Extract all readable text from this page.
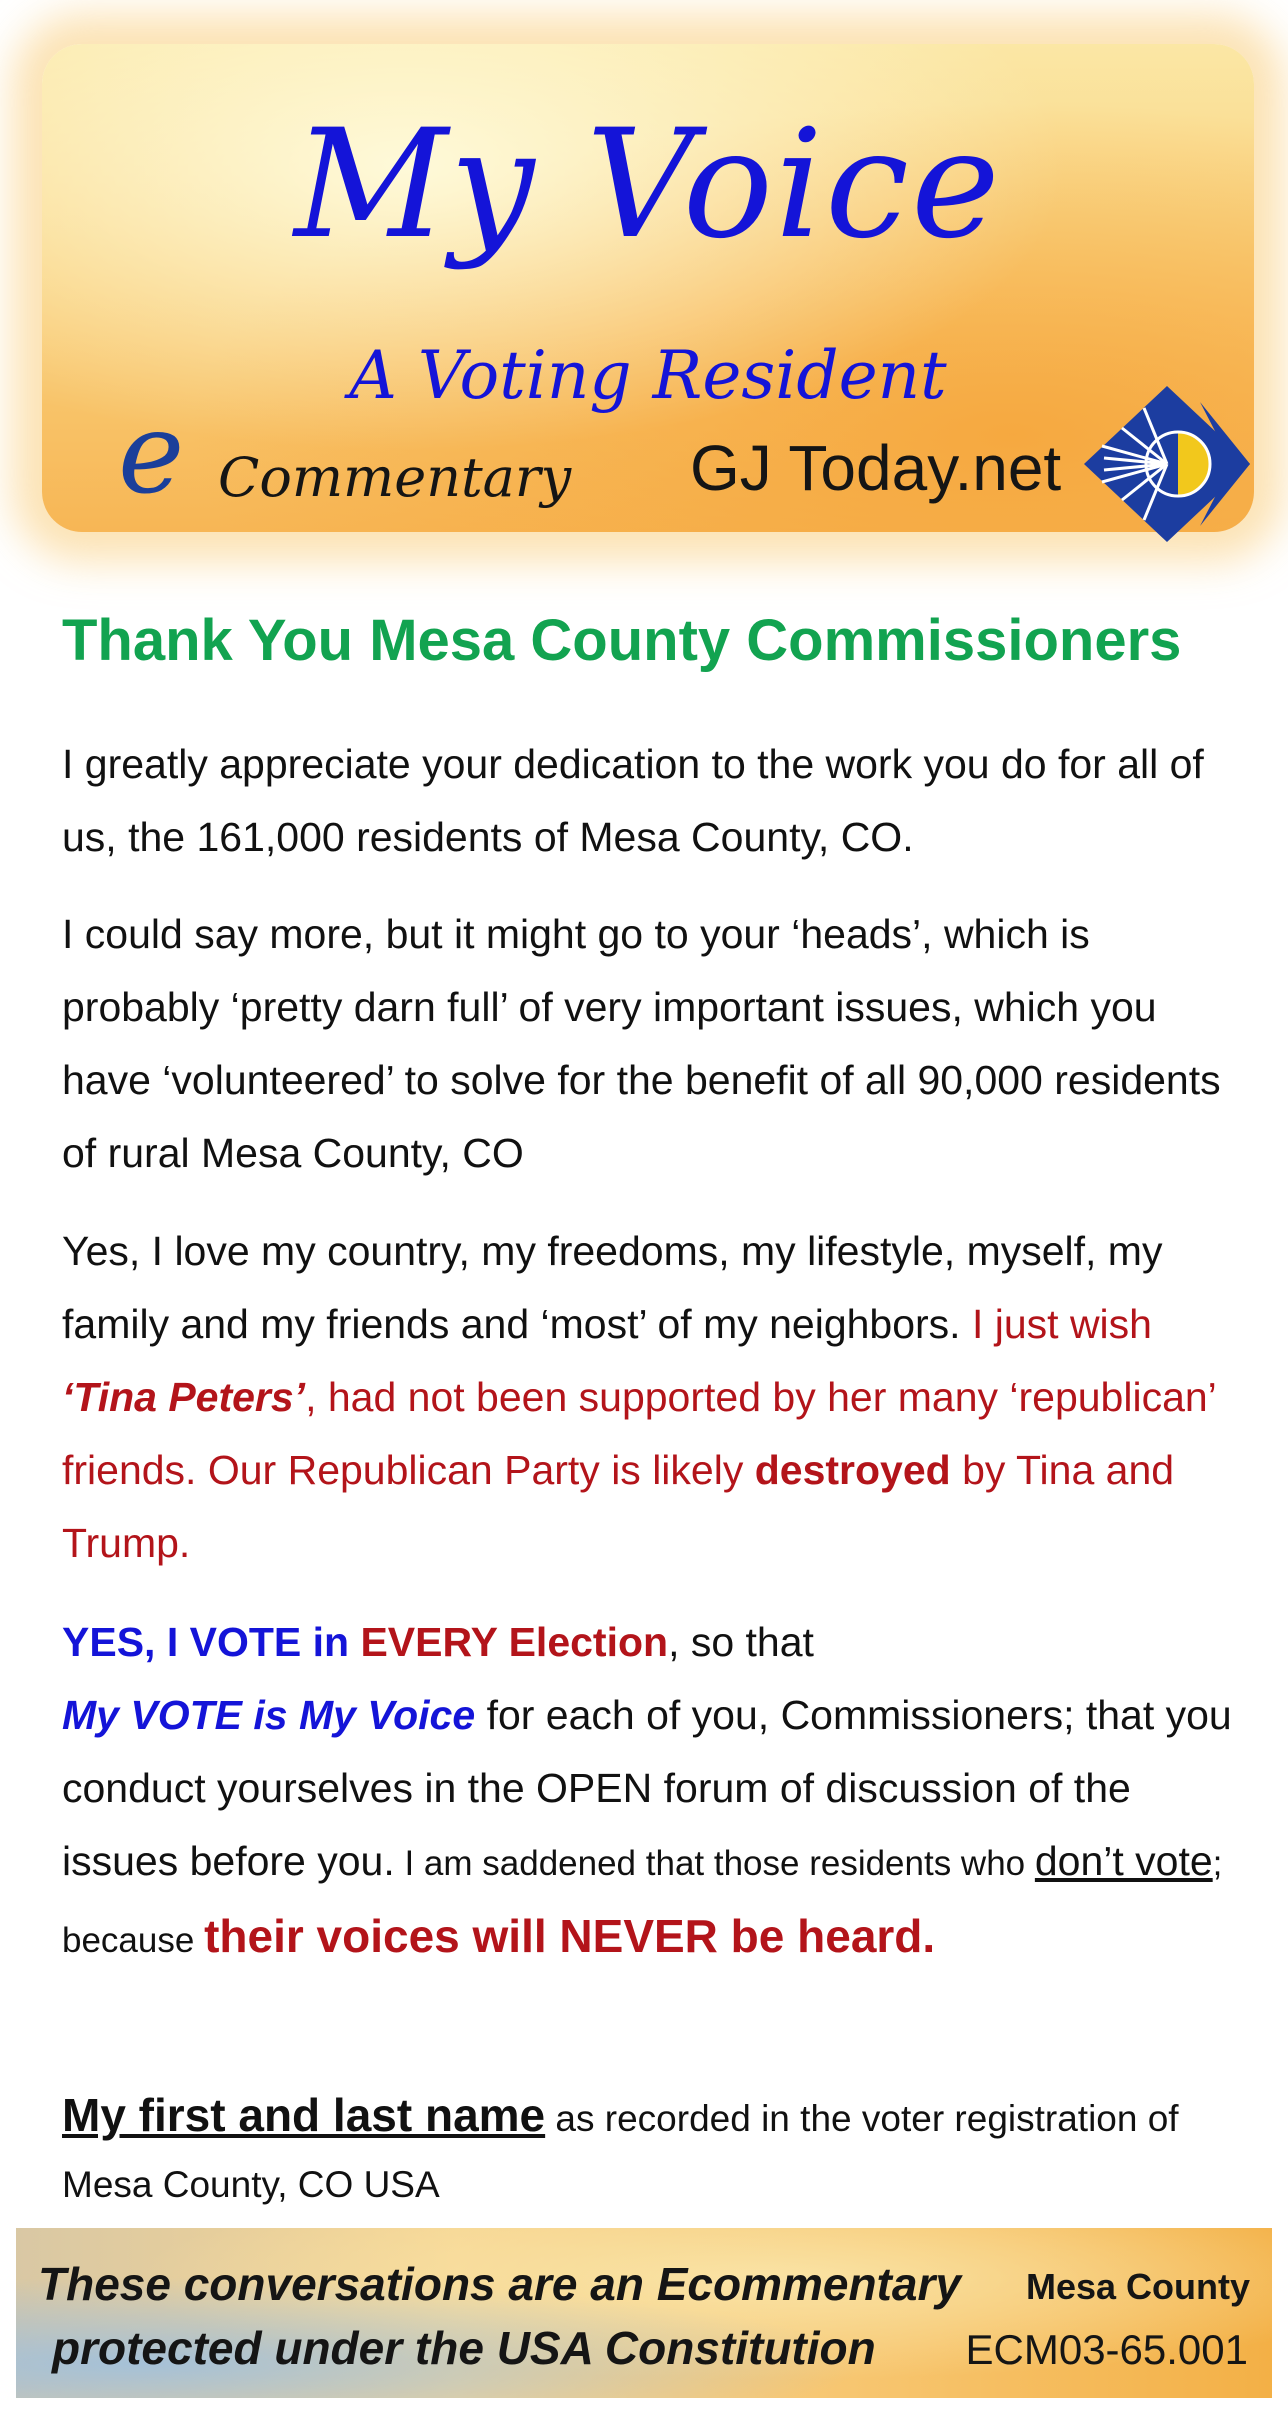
My Voice
A Voting Resident
e Commentary GJ Today.net
Thank You Mesa County Commissioners
I greatly appreciate your dedication to the work you do for all of us, the 161,000 residents of Mesa County, CO.
I could say more, but it might go to your ‘heads’, which is probably ‘pretty darn full’ of very important issues, which you have ‘volunteered’ to solve for the benefit of all 90,000 residents of rural Mesa County, CO
Yes, I love my country, my freedoms, my lifestyle, myself, my family and my friends and ‘most’ of my neighbors. I just wish ‘Tina Peters’, had not been supported by her many ‘republican’ friends. Our Republican Party is likely destroyed by Tina and Trump.
YES, I VOTE in EVERY Election, so that
My VOTE is My Voice for each of you, Commissioners; that you conduct yourselves in the OPEN forum of discussion of the issues before you. I am saddened that those residents who don’t vote; because their voices will NEVER be heard.
My first and last name as recorded in the voter registration of Mesa County, CO USA
These conversations are an Ecommentary
protected under the USA Constitution
Mesa County
ECM03-65.001
